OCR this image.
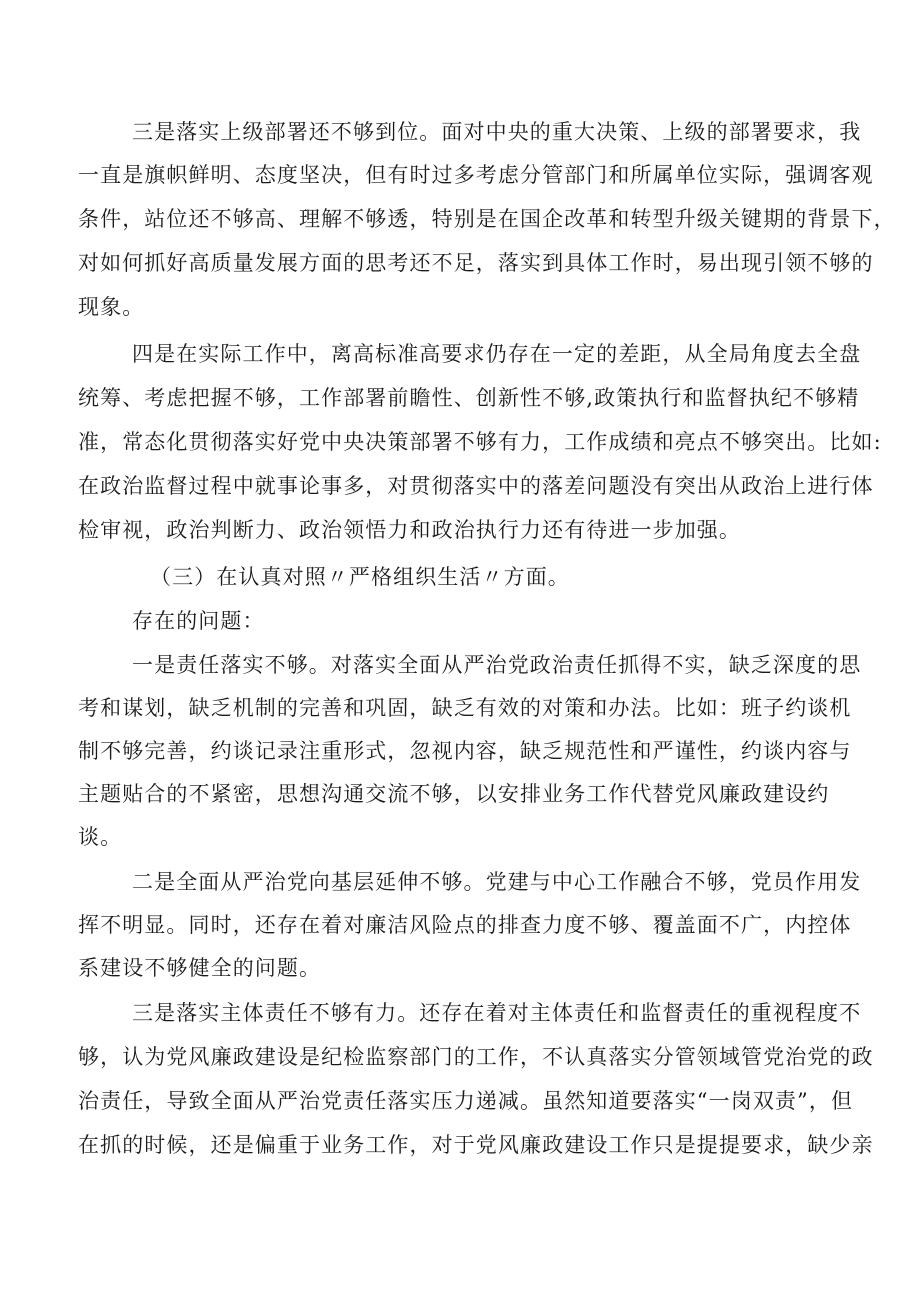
三是落实上级部署还不够到位。面对中央的重大决策、上级的部署要求，我
一直是旗帜鲜明、态度坚决，但有时过多考虑分管部门和所属单位实际，强调客观
条件，站位还不够高、理解不够透，特别是在国企改革和转型升级关键期的背景下，
对如何抓好高质量发展方面的思考还不足，落实到具体工作时，易出现引领不够的
现象。
四是在实际工作中，离高标准高要求仍存在一定的差距，从全局角度去全盘
统筹、考虑把握不够，工作部署前瞻性、创新性不够,政策执行和监督执纪不够精
准，常态化贯彻落实好党中央决策部署不够有力，工作成绩和亮点不够突出。比如:
在政治监督过程中就事论事多，对贯彻落实中的落差问题没有突出从政治上进行体
检审视，政治判断力、政治领悟力和政治执行力还有待进一步加强。
（三）在认真对照〃严格组织生活〃方面。
存在的问题：
一是责任落实不够。对落实全面从严治党政治责任抓得不实，缺乏深度的思
考和谋划，缺乏机制的完善和巩固，缺乏有效的对策和办法。比如：班子约谈机
制不够完善，约谈记录注重形式，忽视内容，缺乏规范性和严谨性，约谈内容与
主题贴合的不紧密，思想沟通交流不够，以安排业务工作代替党风廉政建设约
谈。
二是全面从严治党向基层延伸不够。党建与中心工作融合不够，党员作用发
挥不明显。同时，还存在着对廉洁风险点的排查力度不够、覆盖面不广，内控体
系建设不够健全的问题。
三是落实主体责任不够有力。还存在着对主体责任和监督责任的重视程度不
够，认为党风廉政建设是纪检监察部门的工作，不认真落实分管领域管党治党的政
治责任，导致全面从严治党责任落实压力递减。虽然知道要落实“一岗双责”，但
在抓的时候，还是偏重于业务工作，对于党风廉政建设工作只是提提要求，缺少亲
